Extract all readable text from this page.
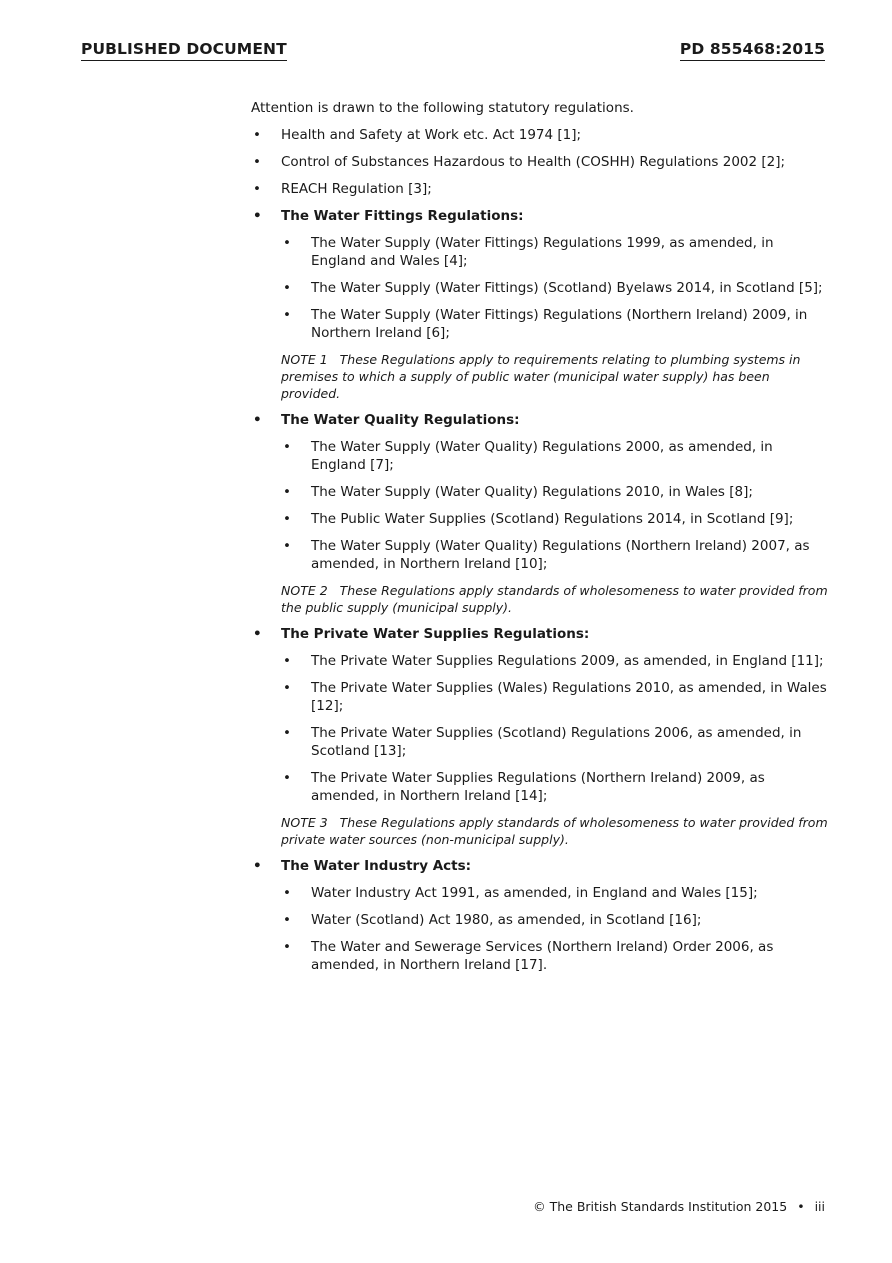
PUBLISHED DOCUMENT	PD 855468:2015

Attention is drawn to the following statutory regulations.

• Health and Safety at Work etc. Act 1974 [1];
• Control of Substances Hazardous to Health (COSHH) Regulations 2002 [2];
• REACH Regulation [3];
• The Water Fittings Regulations:
• The Water Supply (Water Fittings) Regulations 1999, as amended, in England and Wales [4];
• The Water Supply (Water Fittings) (Scotland) Byelaws 2014, in Scotland [5];
• The Water Supply (Water Fittings) Regulations (Northern Ireland) 2009, in Northern Ireland [6];
NOTE 1 These Regulations apply to requirements relating to plumbing systems in premises to which a supply of public water (municipal water supply) has been provided.
• The Water Quality Regulations:
• The Water Supply (Water Quality) Regulations 2000, as amended, in England [7];
• The Water Supply (Water Quality) Regulations 2010, in Wales [8];
• The Public Water Supplies (Scotland) Regulations 2014, in Scotland [9];
• The Water Supply (Water Quality) Regulations (Northern Ireland) 2007, as amended, in Northern Ireland [10];
NOTE 2 These Regulations apply standards of wholesomeness to water provided from the public supply (municipal supply).
• The Private Water Supplies Regulations:
• The Private Water Supplies Regulations 2009, as amended, in England [11];
• The Private Water Supplies (Wales) Regulations 2010, as amended, in Wales [12];
• The Private Water Supplies (Scotland) Regulations 2006, as amended, in Scotland [13];
• The Private Water Supplies Regulations (Northern Ireland) 2009, as amended, in Northern Ireland [14];
NOTE 3 These Regulations apply standards of wholesomeness to water provided from private water sources (non-municipal supply).
• The Water Industry Acts:
• Water Industry Act 1991, as amended, in England and Wales [15];
• Water (Scotland) Act 1980, as amended, in Scotland [16];
• The Water and Sewerage Services (Northern Ireland) Order 2006, as amended, in Northern Ireland [17].
© The British Standards Institution 2015 • iii
